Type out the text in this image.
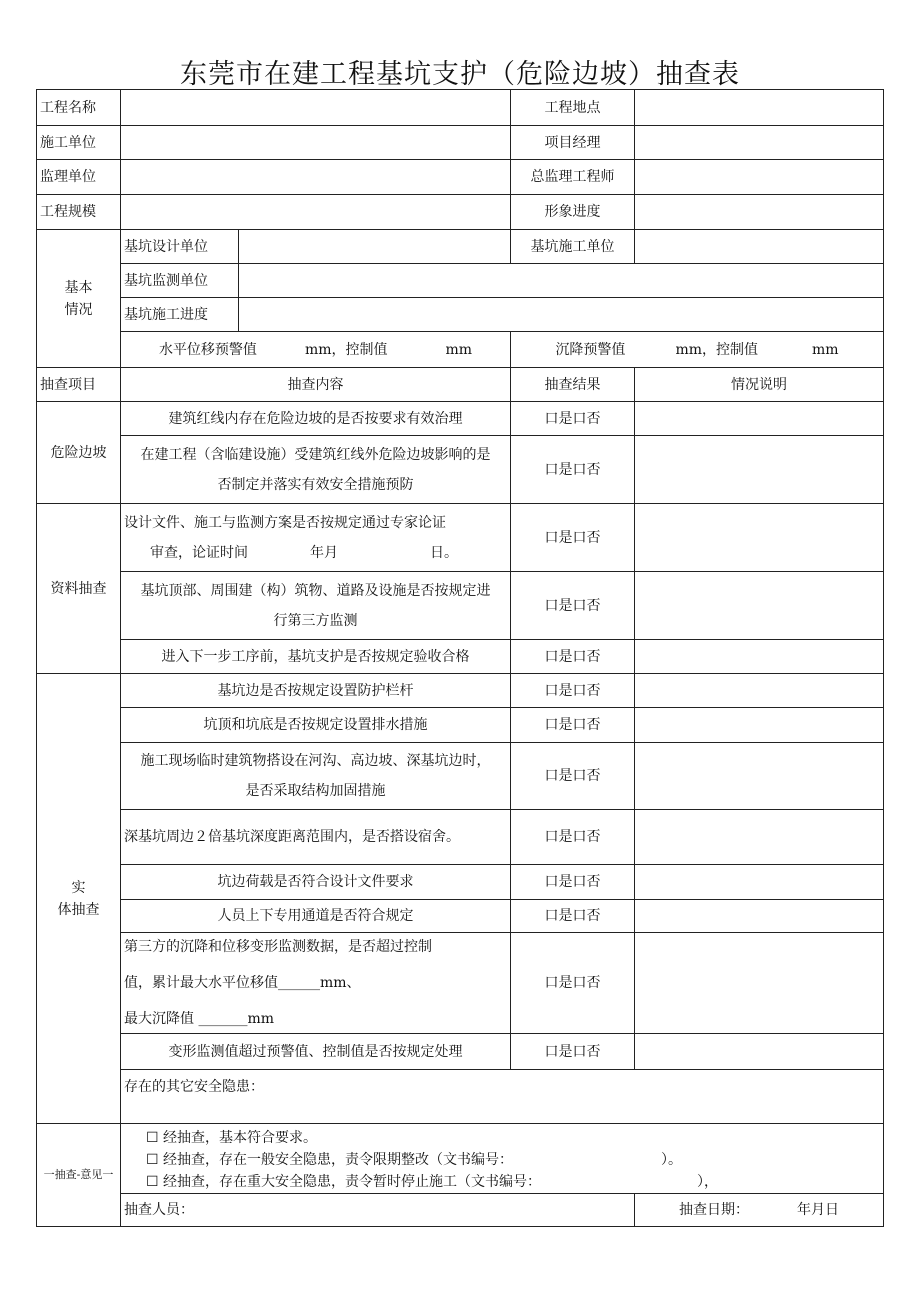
东莞市在建工程基坑支护（危险边坡）抽查表
工程名称			工程地点	
施工单位			项目经理	
监理单位			总监理工程师	
工程规模			形象进度	

基本
情况	基坑设计单位		基坑施工单位	
	基坑监测单位			
	基坑施工进度			
	水平位移预警值 mm，控制值 mm		沉降预警值 mm，控制值 mm	
抽查项目	抽查内容		抽查结果	情况说明
危险边坡	建筑红线内存在危险边坡的是否按要求有效治理		口是口否	

	在建工程（含临建设施）受建筑红线外危险边坡影响的是
否制定并落实有效安全措施预防		口是口否	
资料抽查	设计文件、施工与监测方案是否按规定通过专家论证
审查，论证时间 年月 日。		口是口否	

	基坑顶部、周围建（构）筑物、道路及设施是否按规定进
行第三方监测		口是口否	
	进入下一步工序前，基坑支护是否按规定验收合格		口是口否	

实
体抽查	基坑边是否按规定设置防护栏杆		口是口否	
	坑顶和坑底是否按规定设置排水措施		口是口否	

	施工现场临时建筑物搭设在河沟、高边坡、深基坑边时，
是否采取结构加固措施		口是口否	
	深基坑周边２倍基坑深度距离范围内，是否搭设宿舍。		口是口否	
	坑边荷载是否符合设计文件要求		口是口否	
	人员上下专用通道是否符合规定		口是口否	

	第三方的沉降和位移变形监测数据，是否超过控制
值，累计最大水平位移值______mm、
最大沉降值 _______mm		口是口否	
	变形监测值超过预警值、控制值是否按规定处理		口是口否	
	存在的其它安全隐患：			
一抽查-意见一	☐ 经抽查，基本符合要求。
☐ 经抽查，存在一般安全隐患，责令限期整改（文书编号： ）。
☐ 经抽查，存在重大安全隐患，责令暂时停止施工（文书编号： ），			

	抽查人员：			抽查日期： 年月日
